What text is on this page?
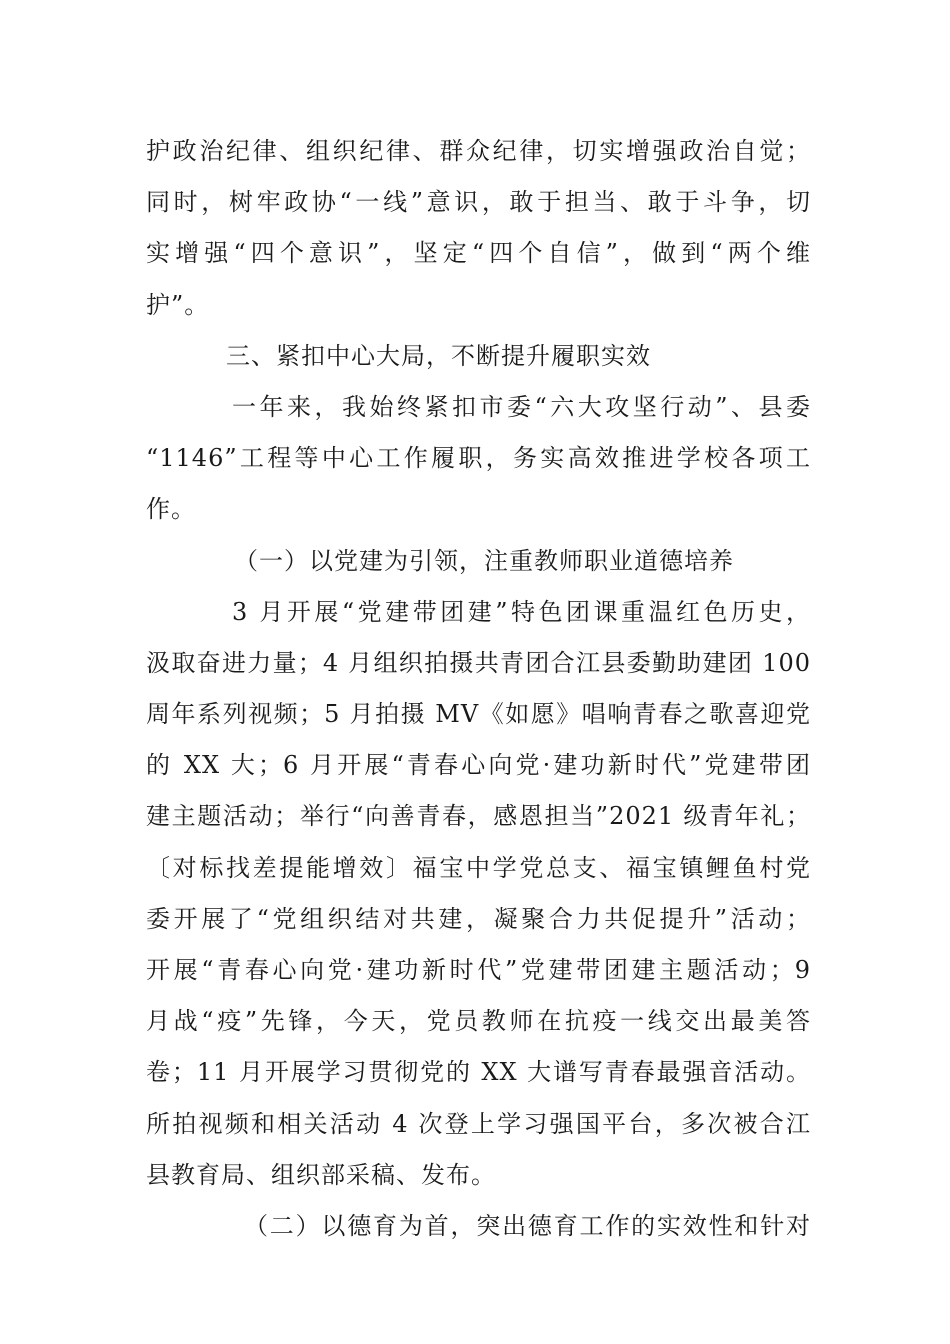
护政治纪律、组织纪律、群众纪律，切实增强政治自觉；
同时，树牢政协“一线”意识，敢于担当、敢于斗争，切
实增强“四个意识”，坚定“四个自信”，做到“两个维
护”。
三、紧扣中心大局，不断提升履职实效
一年来，我始终紧扣市委“六大攻坚行动”、县委
“1146”工程等中心工作履职，务实高效推进学校各项工
作。
（一）以党建为引领，注重教师职业道德培养
3 月开展“党建带团建”特色团课重温红色历史，
汲取奋进力量；4 月组织拍摄共青团合江县委勤助建团 100
周年系列视频；5 月拍摄 MV《如愿》唱响青春之歌喜迎党
的 XX 大；6 月开展“青春心向党·建功新时代”党建带团
建主题活动；举行“向善青春，感恩担当”2021 级青年礼；
〔对标找差提能增效〕福宝中学党总支、福宝镇鲤鱼村党
委开展了“党组织结对共建，凝聚合力共促提升”活动；
开展“青春心向党·建功新时代”党建带团建主题活动；9
月战“疫”先锋，今天，党员教师在抗疫一线交出最美答
卷；11 月开展学习贯彻党的 XX 大谱写青春最强音活动。
所拍视频和相关活动 4 次登上学习强国平台，多次被合江
县教育局、组织部采稿、发布。
（二）以德育为首，突出德育工作的实效性和针对
